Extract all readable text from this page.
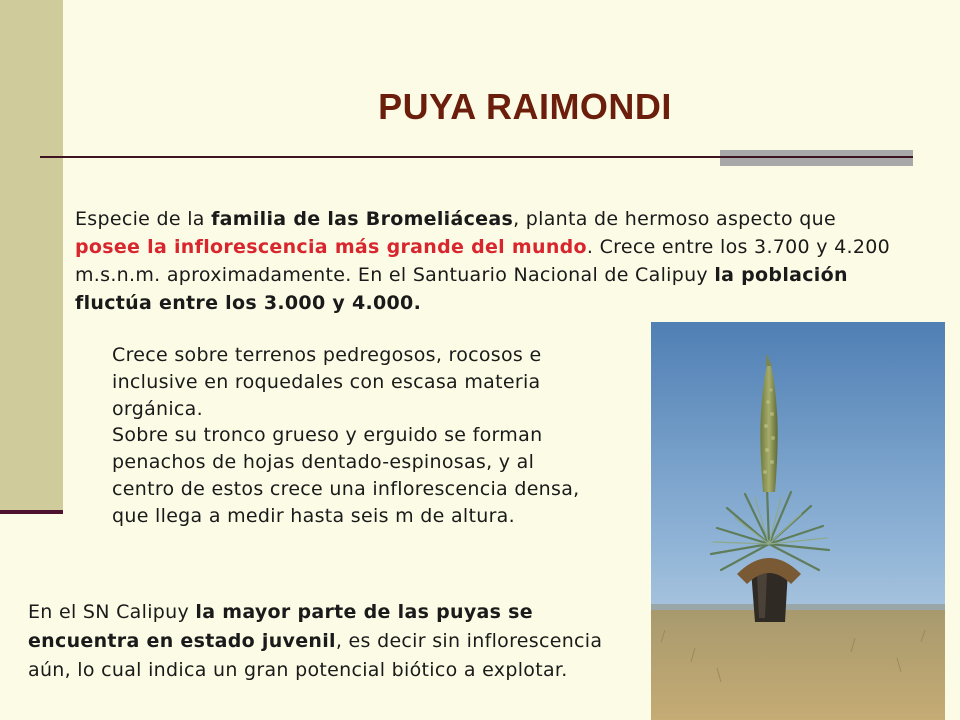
PUYA RAIMONDI

Especie de la familia de las Bromeliáceas, planta de hermoso aspecto que posee la inflorescencia más grande del mundo. Crece entre los 3.700 y 4.200 m.s.n.m. aproximadamente. En el Santuario Nacional de Calipuy la población fluctúa entre los 3.000 y 4.000.

Crece sobre terrenos pedregosos, rocosos e inclusive en roquedales con escasa materia orgánica.
Sobre su tronco grueso y erguido se forman penachos de hojas dentado-espinosas, y al centro de estos crece una inflorescencia densa, que llega a medir hasta seis m de altura.

En el SN Calipuy la mayor parte de las puyas se encuentra en estado juvenil, es decir sin inflorescencia aún, lo cual indica un gran potencial biótico a explotar.
